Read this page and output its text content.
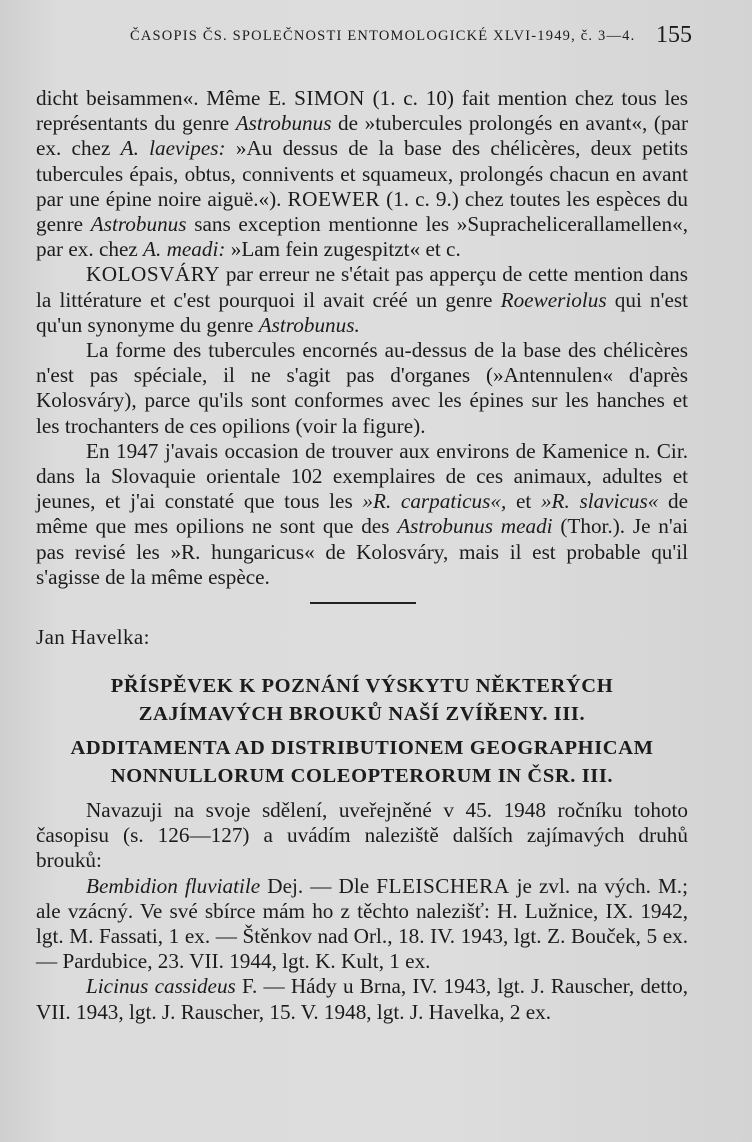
ČASOPIS ČS. SPOLEČNOSTI ENTOMOLOGICKÉ XLVI-1949, č. 3—4. 155

dicht beisammen«. Même E. SIMON (1. c. 10) fait mention chez tous les représentants du genre Astrobunus de »tubercules prolongés en avant«, (par ex. chez A. laevipes: »Au dessus de la base des chélicères, deux petits tubercules épais, obtus, connivents et squameux, prolongés chacun en avant par une épine noire aiguë.«). ROEWER (1. c. 9.) chez toutes les espèces du genre Astrobunus sans exception mentionne les »Suprachelicerallamellen«, par ex. chez A. meadi: »Lam fein zugespitzt« et c.

KOLOSVÁRY par erreur ne s'était pas apperçu de cette mention dans la littérature et c'est pourquoi il avait créé un genre Roeweriolus qui n'est qu'un synonyme du genre Astrobunus.

La forme des tubercules encornés au-dessus de la base des chélicères n'est pas spéciale, il ne s'agit pas d'organes (»Antennulen« d'après Kolosváry), parce qu'ils sont conformes avec les épines sur les hanches et les trochanters de ces opilions (voir la figure).

En 1947 j'avais occasion de trouver aux environs de Kamenice n. Cir. dans la Slovaquie orientale 102 exemplaires de ces animaux, adultes et jeunes, et j'ai constaté que tous les »R. carpaticus«, et »R. slavicus« de même que mes opilions ne sont que des Astrobunus meadi (Thor.). Je n'ai pas revisé les »R. hungaricus« de Kolosváry, mais il est probable qu'il s'agisse de la même espèce.

Jan Havelka:
PŘÍSPĚVEK K POZNÁNÍ VÝSKYTU NĚKTERÝCH
ZAJÍMAVÝCH BROUKŮ NAŠÍ ZVÍŘENY. III.
ADDITAMENTA AD DISTRIBUTIONEM GEOGRAPHICAM
NONNULLORUM COLEOPTERORUM IN ČSR. III.

Navazuji na svoje sdělení, uveřejněné v 45. 1948 ročníku tohoto časopisu (s. 126—127) a uvádím naleziště dalších zajímavých druhů brouků:

Bembidion fluviatile Dej. — Dle FLEISCHERA je zvl. na vých. M.; ale vzácný. Ve své sbírce mám ho z těchto nalezišť: H. Lužnice, IX. 1942, lgt. M. Fassati, 1 ex. — Štěnkov nad Orl., 18. IV. 1943, lgt. Z. Bouček, 5 ex. — Pardubice, 23. VII. 1944, lgt. K. Kult, 1 ex.

Licinus cassideus F. — Hády u Brna, IV. 1943, lgt. J. Rauscher, detto, VII. 1943, lgt. J. Rauscher, 15. V. 1948, lgt. J. Havelka, 2 ex.
